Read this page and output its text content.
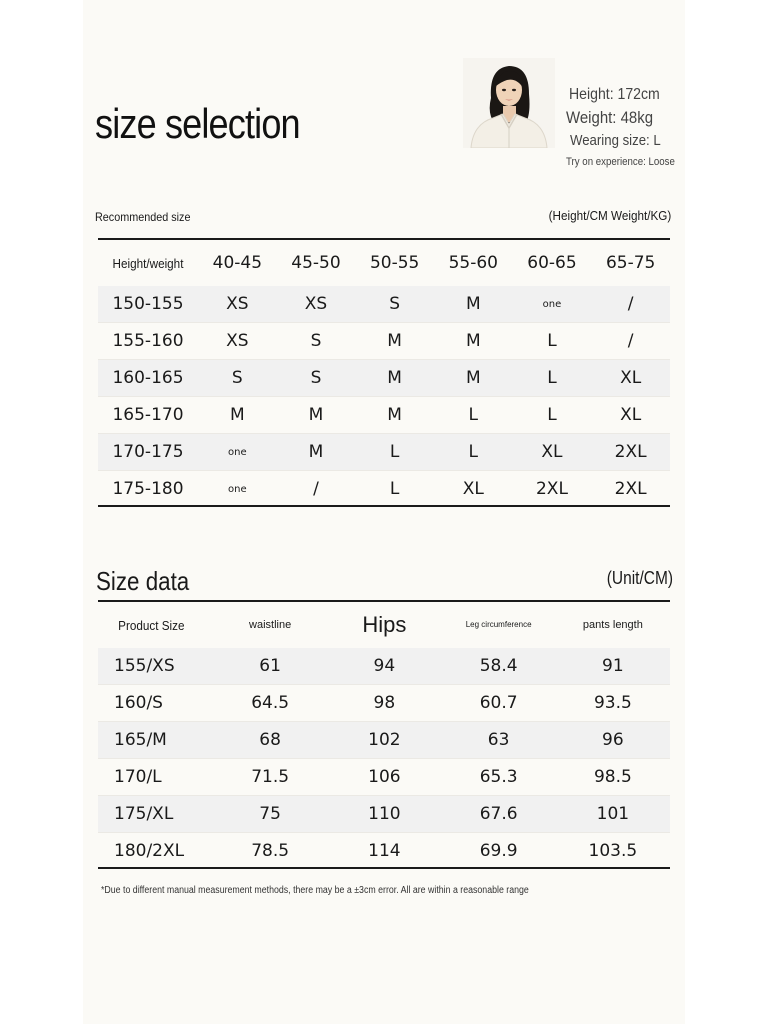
size selection
Height: 172cm
Weight: 48kg
Wearing size: L
Try on experience: Loose
Recommended size	(Height/CM Weight/KG)
Height/weight	40-45	45-50	50-55	55-60	60-65	65-75
150-155	XS	XS	S	M	one	/
155-160	XS	S	M	M	L	/
160-165	S	S	M	M	L	XL
165-170	M	M	M	L	L	XL
170-175	one	M	L	L	XL	2XL
175-180	one	/	L	XL	2XL	2XL
Size data	(Unit/CM)
Product Size	waistline	Hips	Leg circumference	pants length
155/XS	61	94	58.4	91
160/S	64.5	98	60.7	93.5
165/M	68	102	63	96
170/L	71.5	106	65.3	98.5
175/XL	75	110	67.6	101
180/2XL	78.5	114	69.9	103.5
*Due to different manual measurement methods, there may be a ±3cm error. All are within a reasonable range
